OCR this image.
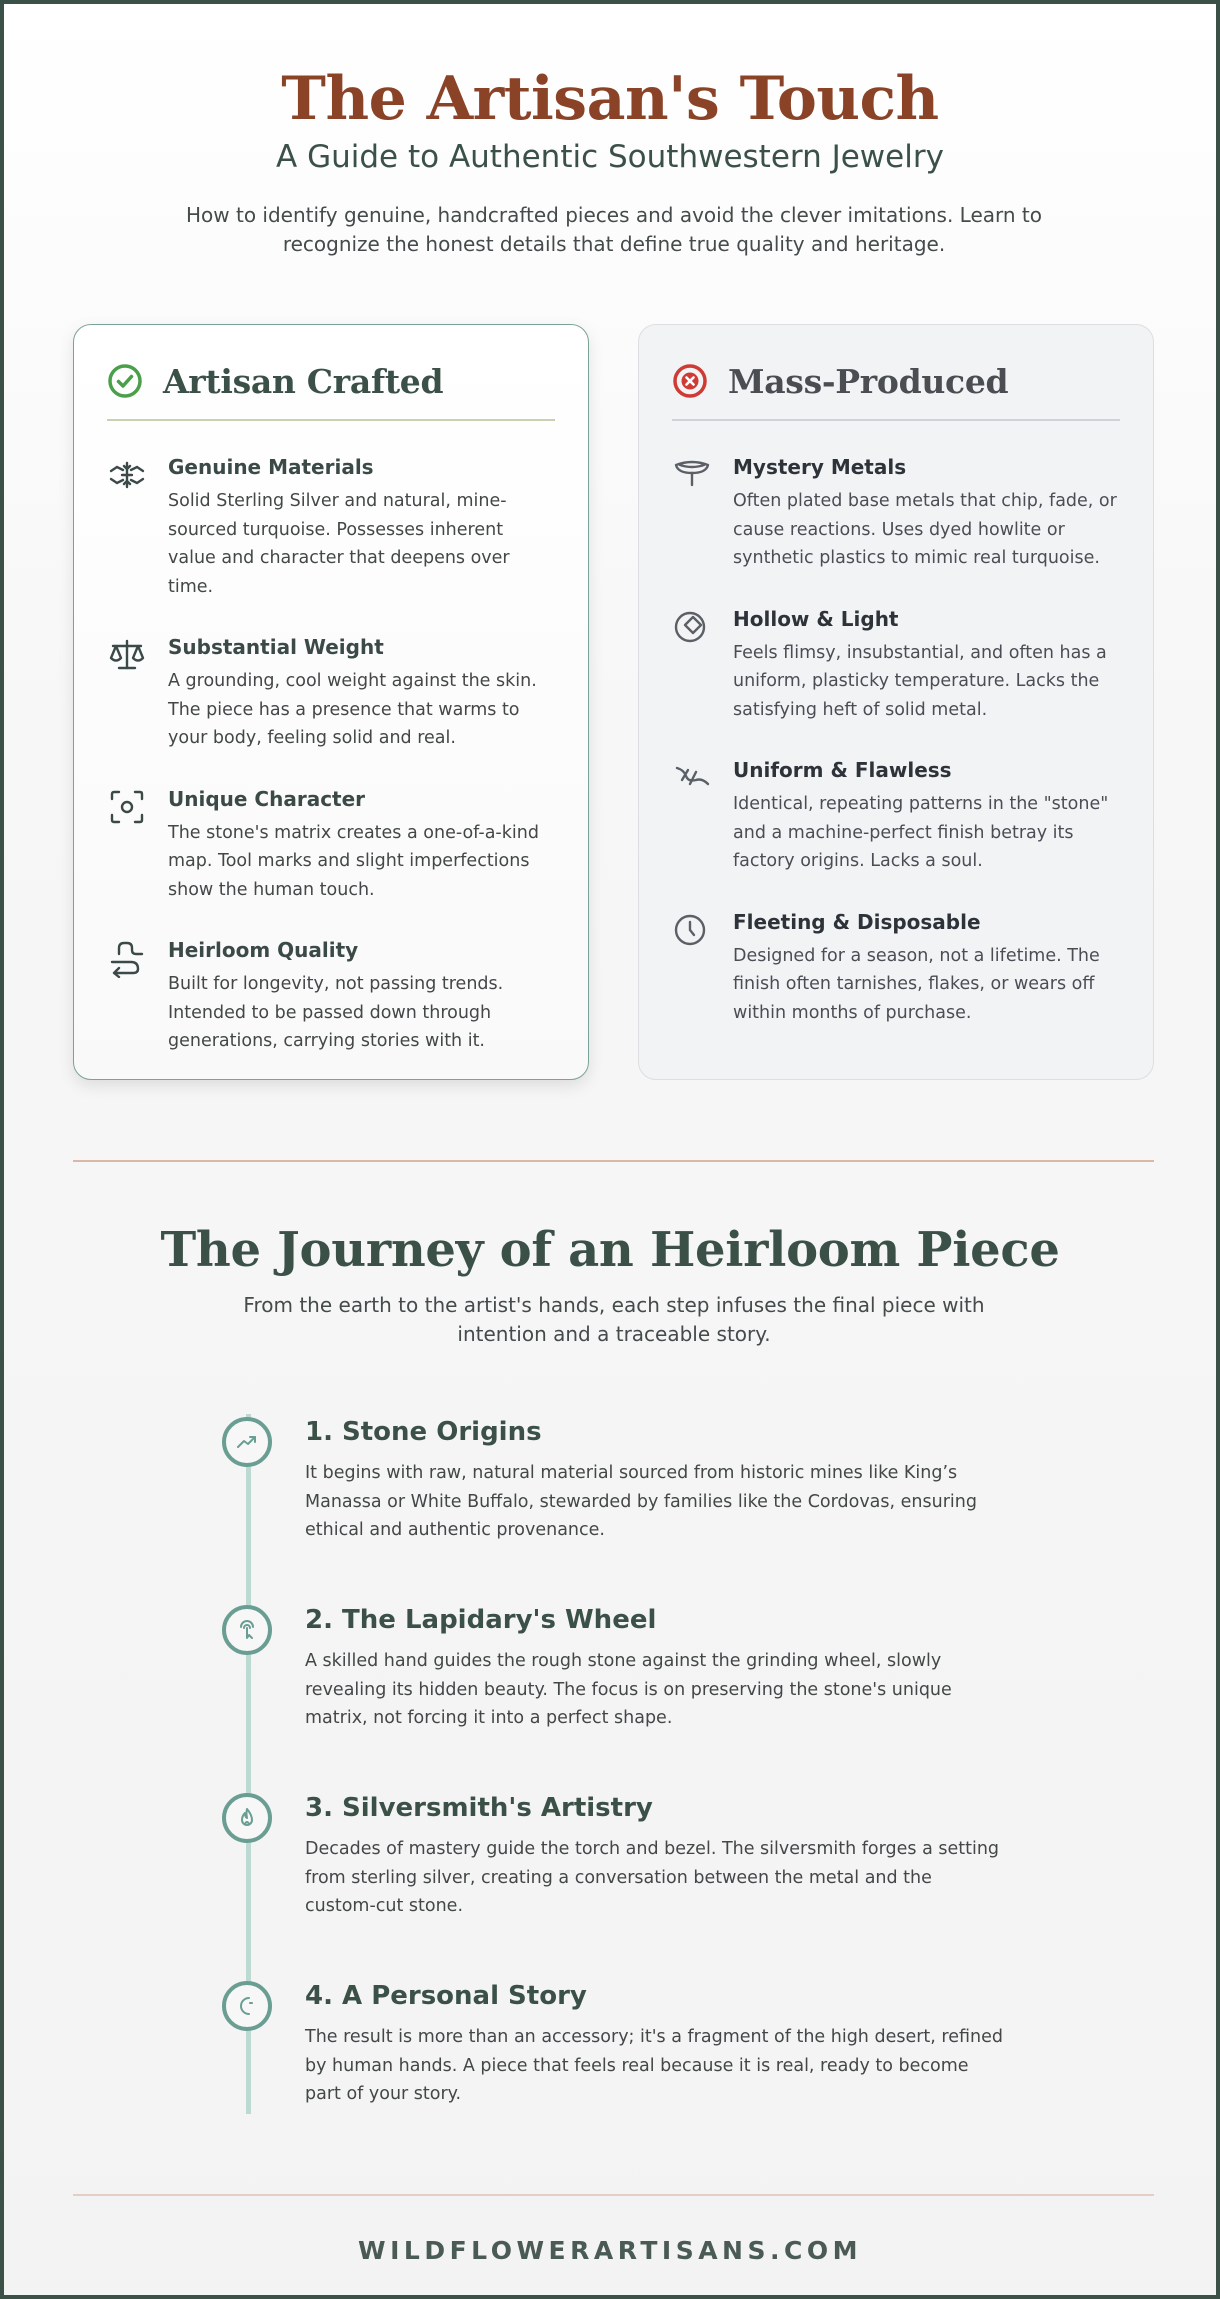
The Artisan's Touch
A Guide to Authentic Southwestern Jewelry

How to identify genuine, handcrafted pieces and avoid the clever imitations. Learn to recognize the honest details that define true quality and heritage.

Artisan Crafted
Genuine Materials
Solid Sterling Silver and natural, mine-sourced turquoise. Possesses inherent value and character that deepens over time.
Substantial Weight
A grounding, cool weight against the skin. The piece has a presence that warms to your body, feeling solid and real.
Unique Character
The stone's matrix creates a one-of-a-kind map. Tool marks and slight imperfections show the human touch.
Heirloom Quality
Built for longevity, not passing trends. Intended to be passed down through generations, carrying stories with it.
Mass-Produced
Mystery Metals
Often plated base metals that chip, fade, or cause reactions. Uses dyed howlite or synthetic plastics to mimic real turquoise.
Hollow & Light
Feels flimsy, insubstantial, and often has a uniform, plasticky temperature. Lacks the satisfying heft of solid metal.
Uniform & Flawless
Identical, repeating patterns in the "stone" and a machine-perfect finish betray its factory origins. Lacks a soul.
Fleeting & Disposable
Designed for a season, not a lifetime. The finish often tarnishes, flakes, or wears off within months of purchase.
The Journey of an Heirloom Piece

From the earth to the artist's hands, each step infuses the final piece with intention and a traceable story.

1. Stone Origins
It begins with raw, natural material sourced from historic mines like King’s Manassa or White Buffalo, stewarded by families like the Cordovas, ensuring ethical and authentic provenance.
2. The Lapidary's Wheel
A skilled hand guides the rough stone against the grinding wheel, slowly revealing its hidden beauty. The focus is on preserving the stone's unique matrix, not forcing it into a perfect shape.
3. Silversmith's Artistry
Decades of mastery guide the torch and bezel. The silversmith forges a setting from sterling silver, creating a conversation between the metal and the custom-cut stone.
4. A Personal Story
The result is more than an accessory; it's a fragment of the high desert, refined by human hands. A piece that feels real because it is real, ready to become part of your story.
WILDFLOWERARTISANS.COM
